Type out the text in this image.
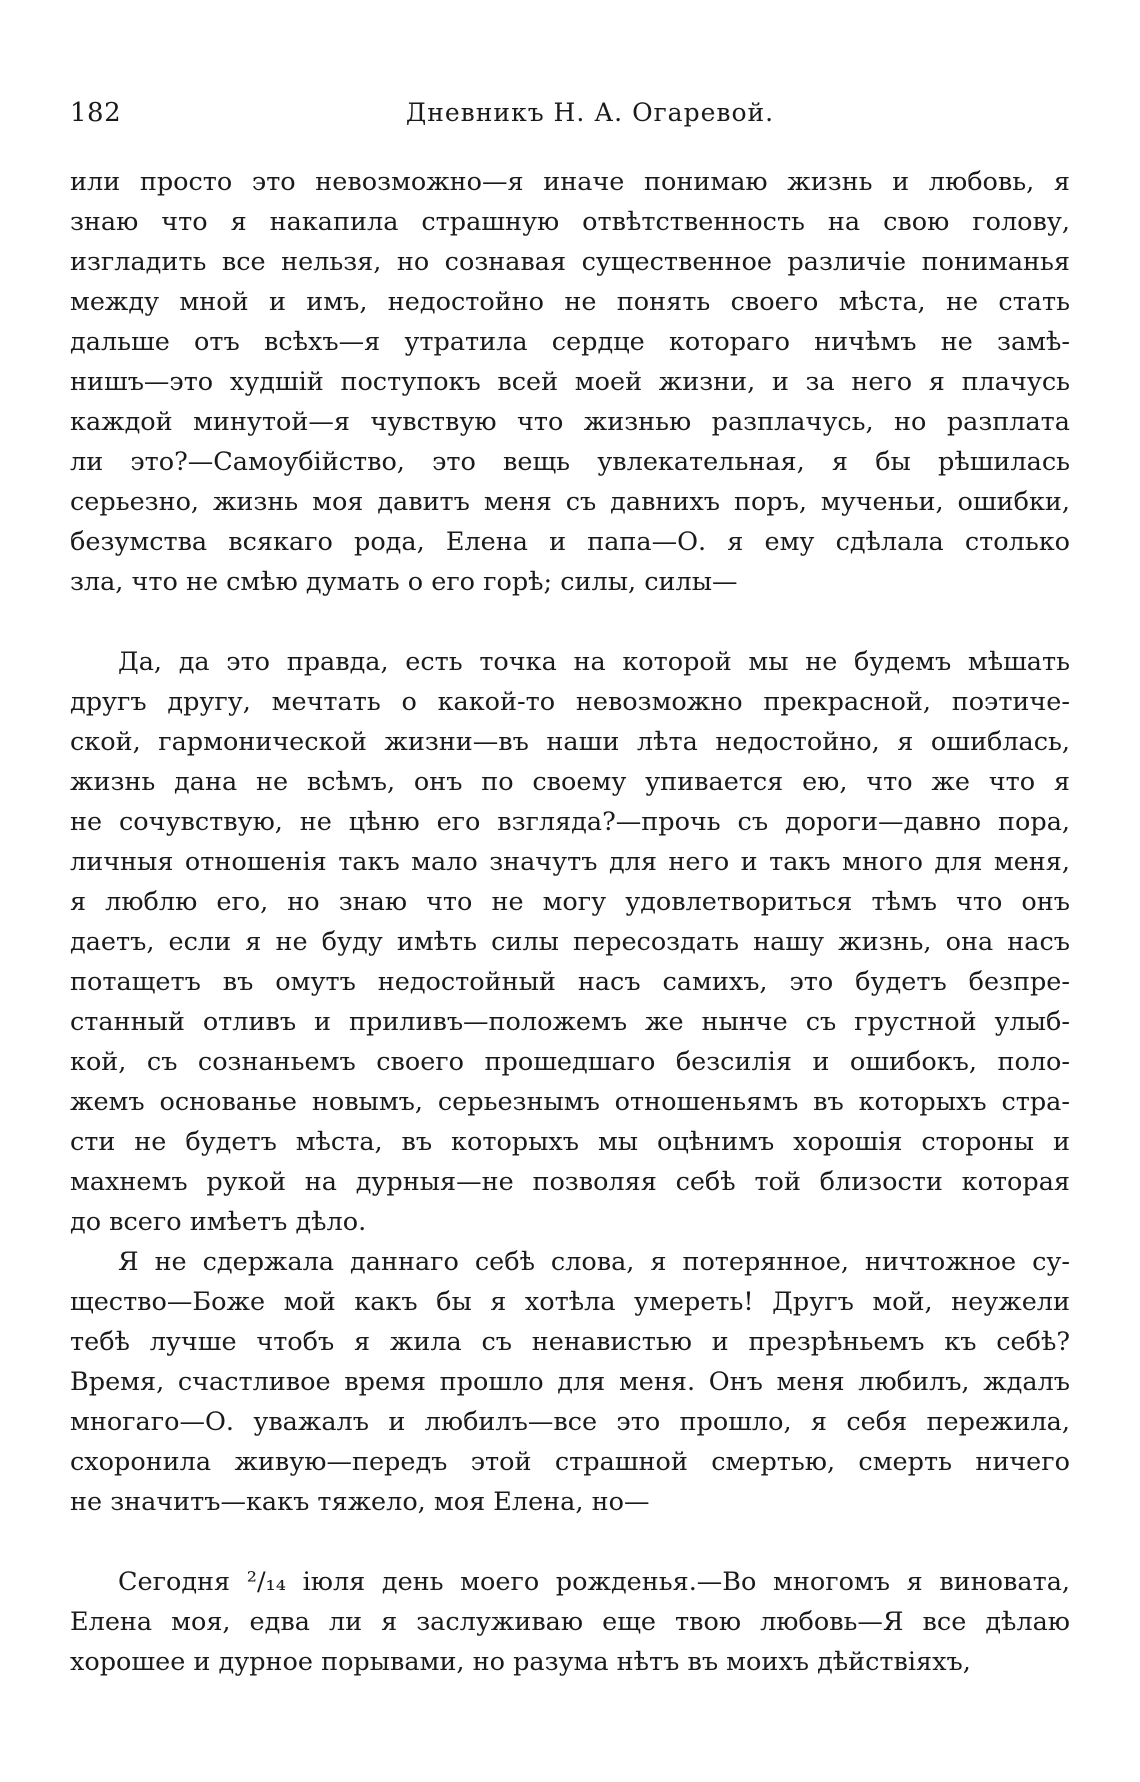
182	Дневникъ Н. А. Огаревой.
или просто это невозможно—я иначе понимаю жизнь и любовь, я
знаю что я накапила страшную отвѣтственность на свою голову,
изгладить все нельзя, но сознавая существенное различіе пониманья
между мной и имъ, недостойно не понять своего мѣста, не стать
дальше отъ всѣхъ—я утратила сердце котораго ничѣмъ не замѣ-
нишъ—это худшій поступокъ всей моей жизни, и за него я плачусь
каждой минутой—я чувствую что жизнью разплачусь, но разплата
ли это?—Самоубійство, это вещь увлекательная, я бы рѣшилась
серьезно, жизнь моя давитъ меня съ давнихъ поръ, мученьи, ошибки,
безумства всякаго рода, Елена и папа—О. я ему сдѣлала столько
зла, что не смѣю думать о его горѣ; силы, силы—
Да, да это правда, есть точка на которой мы не будемъ мѣшать
другъ другу, мечтать о какой-то невозможно прекрасной, поэтиче-
ской, гармонической жизни—въ наши лѣта недостойно, я ошиблась,
жизнь дана не всѣмъ, онъ по своему упивается ею, что же что я
не сочувствую, не цѣню его взгляда?—прочь съ дороги—давно пора,
личныя отношенія такъ мало значутъ для него и такъ много для меня,
я люблю его, но знаю что не могу удовлетвориться тѣмъ что онъ
даетъ, если я не буду имѣть силы пересоздать нашу жизнь, она насъ
потащетъ въ омутъ недостойный насъ самихъ, это будетъ безпре-
станный отливъ и приливъ—положемъ же нынче съ грустной улыб-
кой, съ сознаньемъ своего прошедшаго безсилія и ошибокъ, поло-
жемъ основанье новымъ, серьезнымъ отношеньямъ въ которыхъ стра-
сти не будетъ мѣста, въ которыхъ мы оцѣнимъ хорошія стороны и
махнемъ рукой на дурныя—не позволяя себѣ той близости которая
до всего имѣетъ дѣло.
Я не сдержала даннаго себѣ слова, я потерянное, ничтожное су-
щество—Боже мой какъ бы я хотѣла умереть! Другъ мой, неужели
тебѣ лучше чтобъ я жила съ ненавистью и презрѣньемъ къ себѣ?
Время, счастливое время прошло для меня. Онъ меня любилъ, ждалъ
многаго—О. уважалъ и любилъ—все это прошло, я себя пережила,
схоронила живую—передъ этой страшной смертью, смерть ничего
не значитъ—какъ тяжело, моя Елена, но—
Сегодня ²/₁₄ іюля день моего рожденья.—Во многомъ я виновата,
Елена моя, едва ли я заслуживаю еще твою любовь—Я все дѣлаю
хорошее и дурное порывами, но разума нѣтъ въ моихъ дѣйствіяхъ,
